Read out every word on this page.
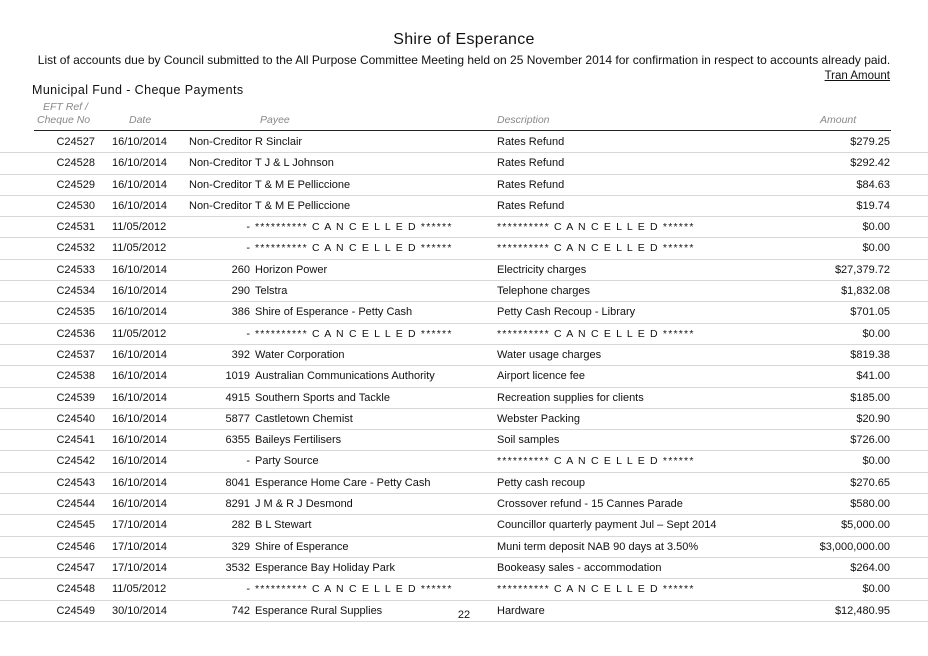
Shire of Esperance
List of accounts due by Council submitted to the All Purpose Committee Meeting held on 25 November 2014 for confirmation in respect to accounts already paid.
Tran Amount
Municipal Fund - Cheque Payments
EFT Ref /
Cheque No	Date	Payee	Description	Amount
C24527 16/10/2014 Non-Creditor R Sinclair	Rates Refund	$279.25
C24528 16/10/2014 Non-Creditor T J & L Johnson	Rates Refund	$292.42
C24529 16/10/2014 Non-Creditor T & M E Pelliccione	Rates Refund	$84.63
C24530 16/10/2014 Non-Creditor T & M E Pelliccione	Rates Refund	$19.74
C24531 11/05/2012	- ********** C A N C E L L E D ******	********** C A N C E L L E D ******	$0.00
C24532 11/05/2012	- ********** C A N C E L L E D ******	********** C A N C E L L E D ******	$0.00
C24533 16/10/2014	260 Horizon Power	Electricity charges	$27,379.72
C24534 16/10/2014	290 Telstra	Telephone charges	$1,832.08
C24535 16/10/2014	386 Shire of Esperance - Petty Cash	Petty Cash Recoup - Library	$701.05
C24536 11/05/2012	- ********** C A N C E L L E D ******	********** C A N C E L L E D ******	$0.00
C24537 16/10/2014	392 Water Corporation	Water usage charges	$819.38
C24538 16/10/2014	1019 Australian Communications Authority	Airport licence fee	$41.00
C24539 16/10/2014	4915 Southern Sports and Tackle	Recreation supplies for clients	$185.00
C24540 16/10/2014	5877 Castletown Chemist	Webster Packing	$20.90
C24541 16/10/2014	6355 Baileys Fertilisers	Soil samples	$726.00
C24542 16/10/2014	- Party Source	********** C A N C E L L E D ******	$0.00
C24543 16/10/2014	8041 Esperance Home Care - Petty Cash	Petty cash recoup	$270.65
C24544 16/10/2014	8291 J M & R J Desmond	Crossover refund - 15 Cannes Parade	$580.00
C24545 17/10/2014	282 B L Stewart	Councillor quarterly payment Jul – Sept 2014	$5,000.00
C24546 17/10/2014	329 Shire of Esperance	Muni term deposit NAB 90 days at 3.50%	$3,000,000.00
C24547 17/10/2014	3532 Esperance Bay Holiday Park	Bookeasy sales - accommodation	$264.00
C24548 11/05/2012	- ********** C A N C E L L E D ******	********** C A N C E L L E D ******	$0.00
C24549 30/10/2014	742 Esperance Rural Supplies	Hardware	$12,480.95
22
